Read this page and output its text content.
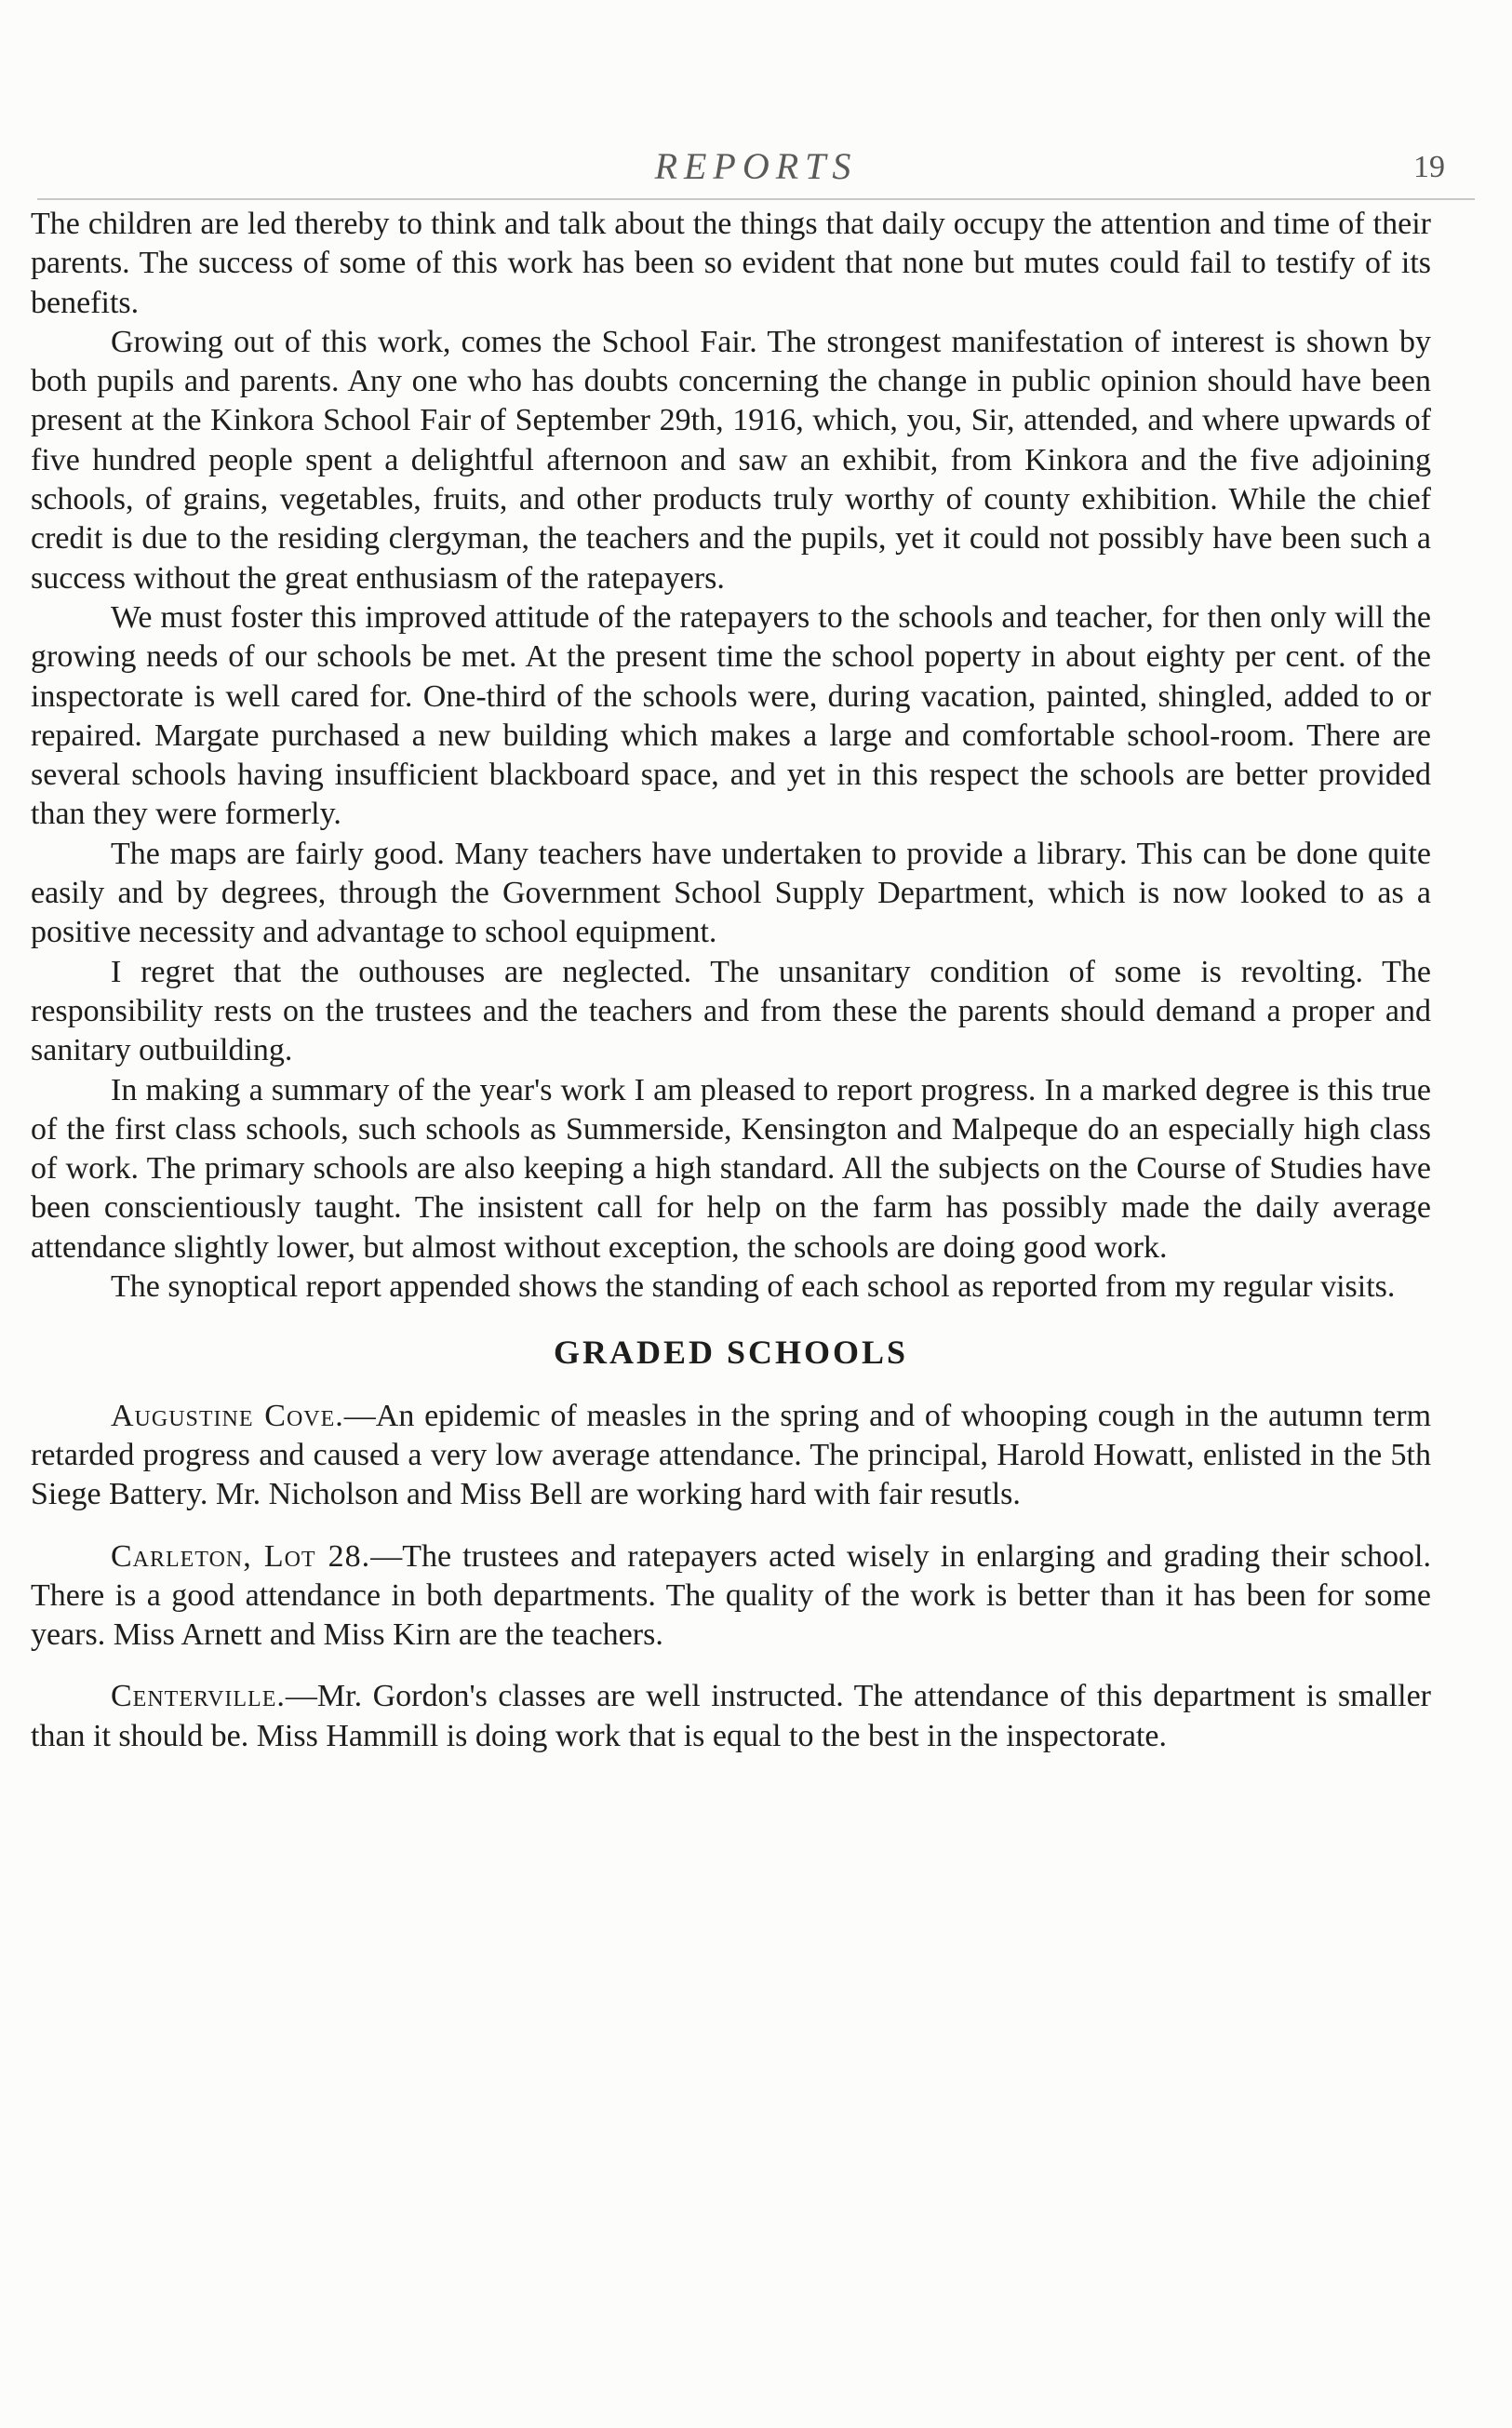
REPORTS	19

The children are led thereby to think and talk about the things that daily occupy the attention and time of their parents. The success of some of this work has been so evident that none but mutes could fail to testify of its benefits.

Growing out of this work, comes the School Fair. The strongest manifestation of interest is shown by both pupils and parents. Any one who has doubts concerning the change in public opinion should have been present at the Kinkora School Fair of September 29th, 1916, which, you, Sir, attended, and where upwards of five hundred people spent a delightful afternoon and saw an exhibit, from Kinkora and the five adjoining schools, of grains, vegetables, fruits, and other products truly worthy of county exhibition. While the chief credit is due to the residing clergyman, the teachers and the pupils, yet it could not possibly have been such a success without the great enthusiasm of the ratepayers.

We must foster this improved attitude of the ratepayers to the schools and teacher, for then only will the growing needs of our schools be met. At the present time the school poperty in about eighty per cent. of the inspectorate is well cared for. One-third of the schools were, during vacation, painted, shingled, added to or repaired. Margate purchased a new building which makes a large and comfortable school-room. There are several schools having insufficient blackboard space, and yet in this respect the schools are better provided than they were formerly.

The maps are fairly good. Many teachers have undertaken to provide a library. This can be done quite easily and by degrees, through the Government School Supply Department, which is now looked to as a positive necessity and advantage to school equipment.

I regret that the outhouses are neglected. The unsanitary condition of some is revolting. The responsibility rests on the trustees and the teachers and from these the parents should demand a proper and sanitary outbuilding.

In making a summary of the year's work I am pleased to report progress. In a marked degree is this true of the first class schools, such schools as Summerside, Kensington and Malpeque do an especially high class of work. The primary schools are also keeping a high standard. All the subjects on the Course of Studies have been conscientiously taught. The insistent call for help on the farm has possibly made the daily average attendance slightly lower, but almost without exception, the schools are doing good work.

The synoptical report appended shows the standing of each school as reported from my regular visits.

GRADED SCHOOLS

Augustine Cove.—An epidemic of measles in the spring and of whooping cough in the autumn term retarded progress and caused a very low average attendance. The principal, Harold Howatt, enlisted in the 5th Siege Battery. Mr. Nicholson and Miss Bell are working hard with fair resutls.

Carleton, Lot 28.—The trustees and ratepayers acted wisely in enlarging and grading their school. There is a good attendance in both departments. The quality of the work is better than it has been for some years. Miss Arnett and Miss Kirn are the teachers.

Centerville.—Mr. Gordon's classes are well instructed. The attendance of this department is smaller than it should be. Miss Hammill is doing work that is equal to the best in the inspectorate.
